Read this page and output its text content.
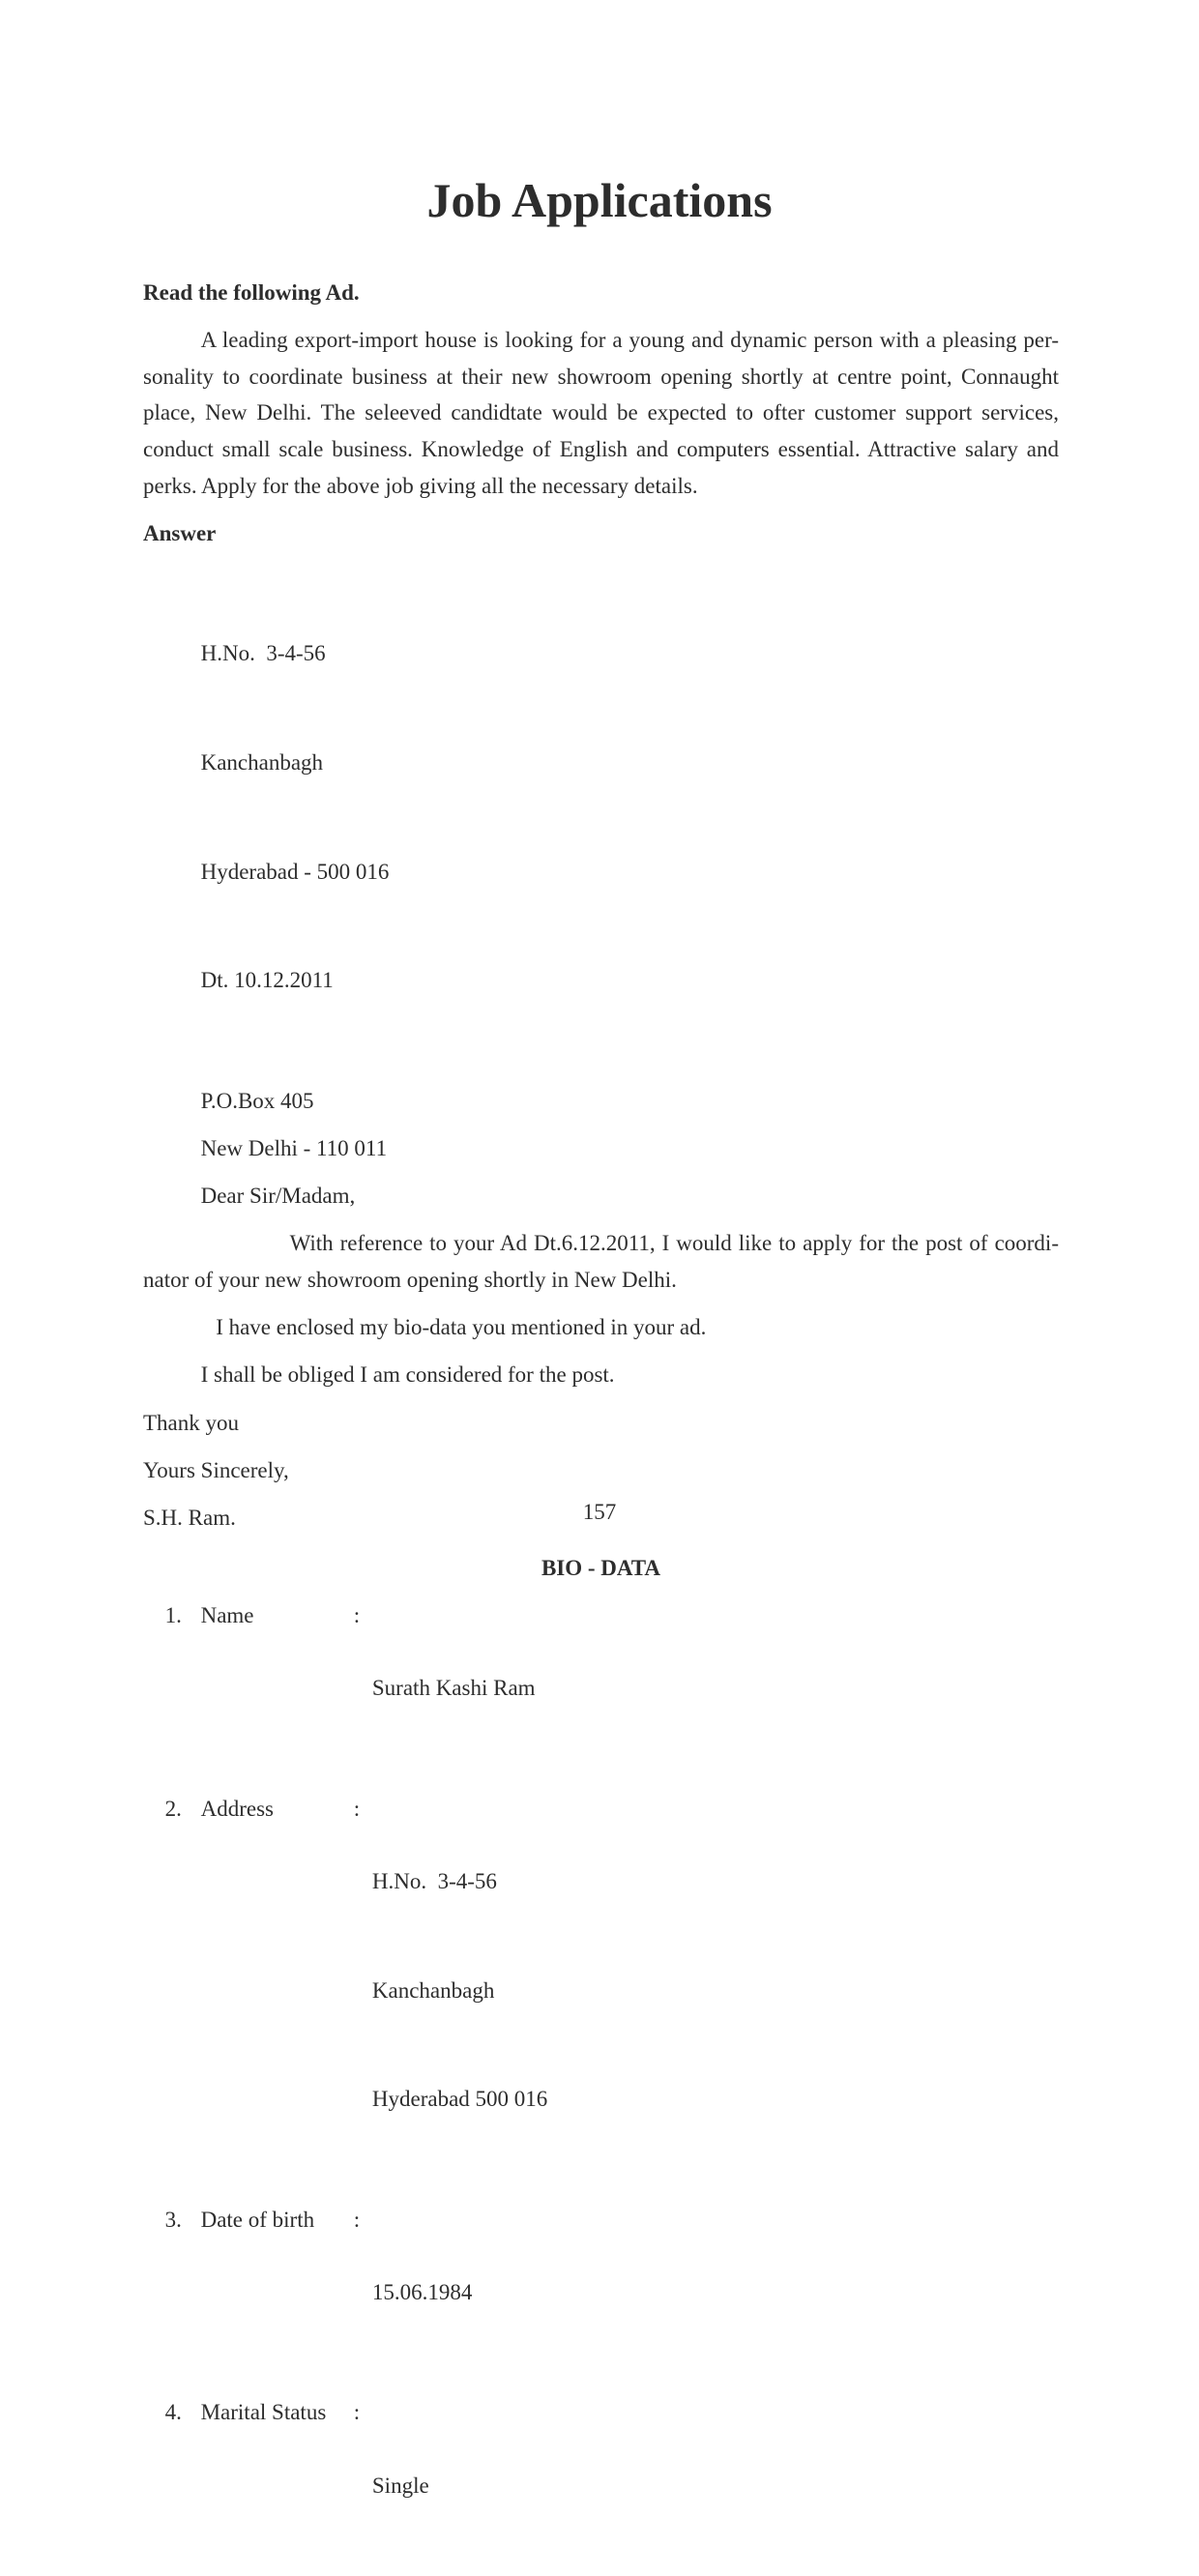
Job Applications
Read the following Ad.
A leading export-import house is looking for a young and dynamic person with a pleasing per-
sonality to coordinate business at their new showroom opening shortly at centre point, Connaught
place, New Delhi. The seleeved candidtate would be expected to ofter customer support services,
conduct small scale business. Knowledge of English and computers essential. Attractive salary and
perks. Apply for the above job giving all the necessary details.
Answer

H.No.  3-4-56

Kanchanbagh

Hyderabad - 500 016

Dt. 10.12.2011

P.O.Box 405
New Delhi - 110 011
Dear Sir/Madam,
With reference to your Ad Dt.6.12.2011, I would like to apply for the post of coordi-
nator of your new showroom opening shortly in New Delhi.
I have enclosed my bio-data you mentioned in your ad.
I shall be obliged I am considered for the post.
Thank you
Yours Sincerely,
S.H. Ram.
BIO - DATA
1. Name	:

Surath Kashi Ram

2. Address	:

H.No.  3-4-56

Kanchanbagh

Hyderabad 500 016

3. Date of birth :

15.06.1984

4. Marital Status :

Single

157
